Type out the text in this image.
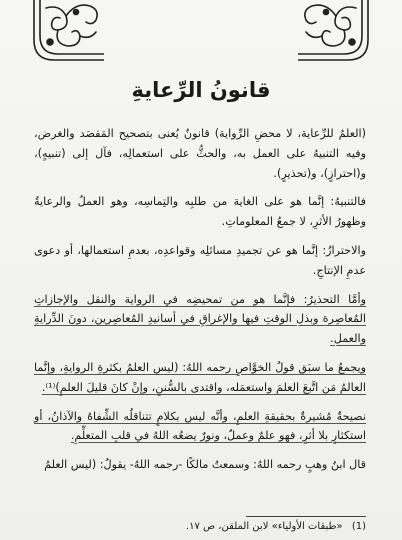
قانونُ الرِّعايةِ

(العلمُ للرِّعاية، لا محضِ الرِّواية) قانونٌ يُعنى بتصحيح المَقصَد والغرض، وفيه التنبيهُ على العمل به، والحثُّ على استعمالِه، فآل إلى (تنبيهٍ)، و(احترازٍ)، و(تحذيرٍ).

فالتنبيهُ: إنَّما هو على الغاية من طلبِه والتِماسِه، وهو العملُ والرعايةُ وظهورُ الأثرِ، لا جمعُ المعلوماتِ.

والاحترازُ: إنَّما هو عن تجميدِ مسائلِه وقواعدِه، بعدمِ استعمالها، أو دعوى عدمِ الإنتاجِ.

وأمَّا التحذيرُ: فإنَّما هو من تمحيضِه في الرواية والنقل والإجازاتِ المُعاصِرة وبذلِ الوقتِ فيها والإغراقِ في أسانيدِ المُعاصِرين، دونَ الدِّرايةِ والعملِ.

ويجمعُ ما سبَق قولُ الخوَّاصِ رحمه اللهُ: (ليس العلمُ بكثرةِ الروايةِ، وإنَّما العالمُ مَن اتَّبعَ العلمَ واستعمَله، واقتدى بالسُّننِ، وإنْ كانَ قليلَ العلمِ)⁽¹⁾.

نصيحةٌ مُشيرةٌ بحقيقةِ العلمِ، وأنَّه ليس بكلامٍ تتناقلُه الشِّفاهُ والآذانُ، أو استكثارٍ بلا أثرٍ، فهو علمٌ وعملٌ، ونورٌ يضعُه اللهُ في قلبِ المتعلِّمِ.

قال ابنُ وهبٍ رحمه اللهُ: وسمعتُ مالكًا -رحمه اللهُ- يقولُ: (ليس العلمُ

(1) «طبقات الأولياء» لابن الملقن، ص ١٧.
